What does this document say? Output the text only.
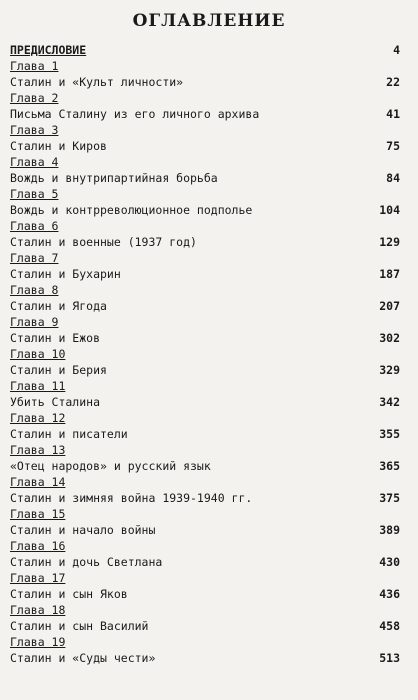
ОГЛАВЛЕНИЕ
ПРЕДИСЛОВИЕ	4
Глава 1
Сталин и «Культ личности»	22
Глава 2
Письма Сталину из его личного архива	41
Глава 3
Сталин и Киров	75
Глава 4
Вождь и внутрипартийная борьба	84
Глава 5
Вождь и контрреволюционное подполье	104
Глава 6
Сталин и военные (1937 год)	129
Глава 7
Сталин и Бухарин	187
Глава 8
Сталин и Ягода	207
Глава 9
Сталин и Ежов	302
Глава 10
Сталин и Берия	329
Глава 11
Убить Сталина	342
Глава 12
Сталин и писатели	355
Глава 13
«Отец народов» и русский язык	365
Глава 14
Сталин и зимняя война 1939-1940 гг.	375
Глава 15
Сталин и начало войны	389
Глава 16
Сталин и дочь Светлана	430
Глава 17
Сталин и сын Яков	436
Глава 18
Сталин и сын Василий	458
Глава 19
Сталин и «Суды чести»	513
